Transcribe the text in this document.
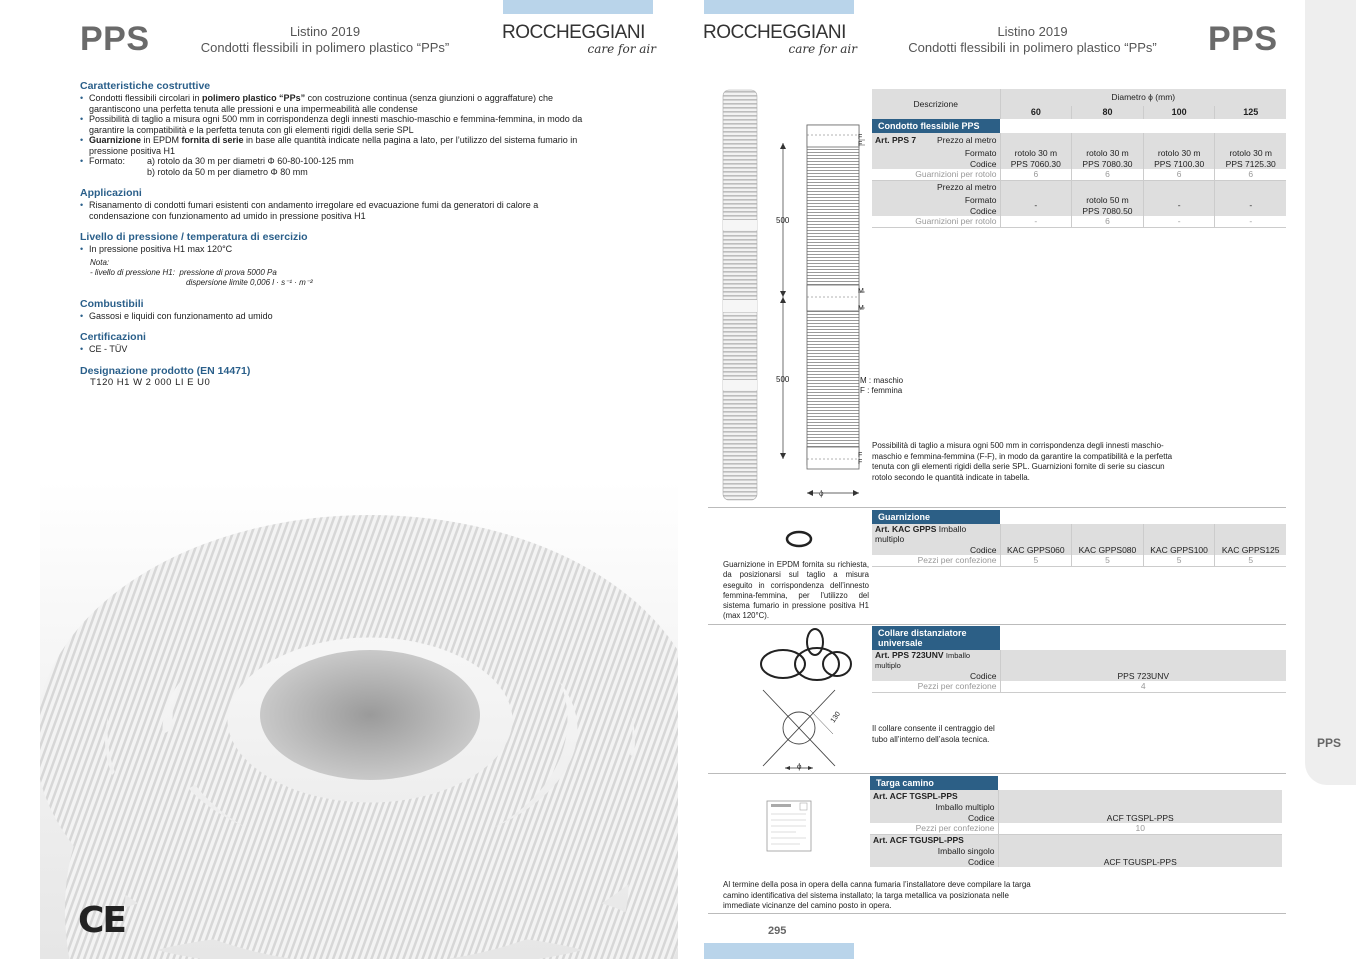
PPS	Listino 2019
Condotti flessibili in polimero plastico “PPs”
ROCCHEGGIANI
care for air
Caratteristiche costruttive
• Condotti flessibili circolari in polimero plastico “PPs” con costruzione continua (senza giunzioni o aggraffature) che garantiscono una perfetta tenuta alle pressioni e una impermeabilità alle condense
• Possibilità di taglio a misura ogni 500 mm in corrispondenza degli innesti maschio-maschio e femmina-femmina, in modo da garantire la compatibilità e la perfetta tenuta con gli elementi rigidi della serie SPL
• Guarnizione in EPDM fornita di serie in base alle quantità indicate nella pagina a lato, per l’utilizzo del sistema fumario in pressione positiva H1
• Formato:	a) rotolo da 30 m per diametri Φ 60-80-100-125 mm
b) rotolo da 50 m per diametro Φ 80 mm
Applicazioni
• Risanamento di condotti fumari esistenti con andamento irregolare ed evacuazione fumi da generatori di calore a condensazione con funzionamento ad umido in pressione positiva H1
Livello di pressione / temperatura di esercizio
• In pressione positiva H1 max 120°C
Nota:
- livello di pressione H1: pressione di prova 5000 Pa
dispersione limite 0,006 l · s⁻¹ · m⁻²
Combustibili
• Gassosi e liquidi con funzionamento ad umido
Certificazioni
• CE - TÜV
Designazione prodotto (EN 14471)
T120 H1 W 2 000 LI E U0
CE
ROCCHEGGIANI
care for air
Listino 2019
Condotti flessibili in polimero plastico “PPs”	PPS
PPS
500
500
F
F
M
M
F
F
ϕ
M : maschio
F : femmina
Descrizione	Diametro ϕ (mm)			
	60	80	100	125
Condotto flessibile PPS				
Art. PPS 7 Prezzo al metro				

Formato	rotolo 30 m	rotolo 30 m	rotolo 30 m	rotolo 30 m
Codice	PPS 7060.30	PPS 7080.30	PPS 7100.30	PPS 7125.30
Guarnizioni per rotolo	6	6	6	6
Prezzo al metro				
Formato	-	rotolo 50 m	-	-
Codice		PPS 7080.50		
Guarnizioni per rotolo	-	6	-	-
Possibilità di taglio a misura ogni 500 mm in corrispondenza degli innesti maschio-maschio e femmina-femmina (F-F), in modo da garantire la compatibilità e la perfetta tenuta con gli elementi rigidi della serie SPL. Guarnizioni fornite di serie su ciascun rotolo secondo le quantità indicate in tabella.
Guarnizione in EPDM fornita su richiesta, da posizionarsi sul taglio a misura eseguito in corrispondenza dell’innesto femmina-femmina, per l’utilizzo del sistema fumario in pressione positiva H1 (max 120°C).
Guarnizione				
Art. KAC GPPS Imballo multiplo				
Codice	KAC GPPS060	KAC GPPS080	KAC GPPS100	KAC GPPS125
Pezzi per confezione	5	5	5	5
130
ϕ
Collare distanziatore
universale	

Art. PPS 723UNV Imballo multiplo	
Codice	PPS 723UNV
Pezzi per confezione	4
Il collare consente il centraggio del tubo all’interno dell’asola tecnica.
Targa camino	
Art. ACF TGSPL-PPS	
Imballo multiplo	
Codice	ACF TGSPL-PPS
Pezzi per confezione	10
Art. ACF TGUSPL-PPS	
Imballo singolo	
Codice	ACF TGUSPL-PPS
Al termine della posa in opera della canna fumaria l’installatore deve compilare la targa camino identificativa del sistema installato; la targa metallica va posizionata nelle immediate vicinanze del camino posto in opera.
295
